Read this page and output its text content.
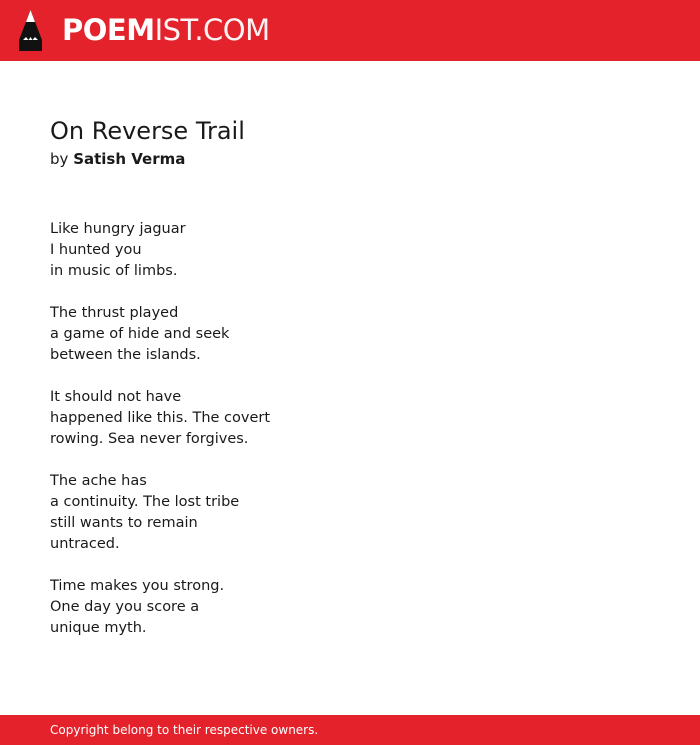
POEMIST.COM
On Reverse Trail
by Satish Verma
Like hungry jaguar
I hunted you
in music of limbs.
The thrust played
a game of hide and seek
between the islands.
It should not have
happened like this. The covert
rowing. Sea never forgives.
The ache has
a continuity. The lost tribe
still wants to remain
untraced.
Time makes you strong.
One day you score a
unique myth.
Copyright belong to their respective owners.
